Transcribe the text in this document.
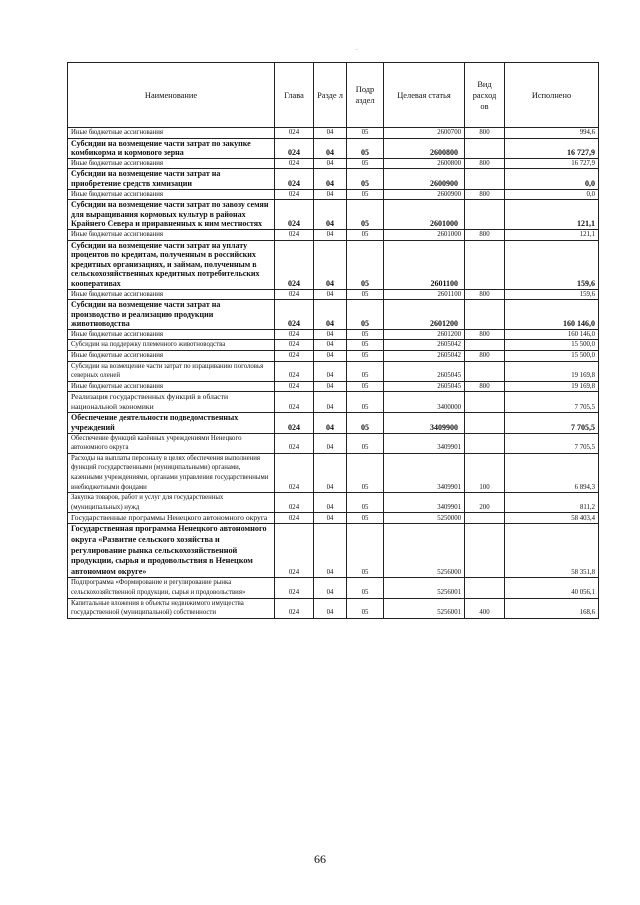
.
Наименование	Глава	Разде л	Подр аздел	Целевая статья	Вид расход ов	Исполнено
Иные бюджетные ассигнования	024	04	05	2600700	800	994,6
Субсидии на возмещение части затрат по закупке комбикорма и кормового зерна	024	04	05	2600800		16 727,9
Иные бюджетные ассигнования	024	04	05	2600800	800	16 727,9
Субсидии на возмещение части затрат на приобретение средств химизации	024	04	05	2600900		0,0
Иные бюджетные ассигнования	024	04	05	2600900	800	0,0
Субсидии на возмещение части затрат по завозу семян для выращивания кормовых культур в районах Крайнего Севера и приравненных к ним местностях	024	04	05	2601000		121,1
Иные бюджетные ассигнования	024	04	05	2601000	800	121,1
Субсидии на возмещение части затрат на уплату процентов по кредитам, полученным в российских кредитных организациях, и займам, полученным в сельскохозяйственных кредитных потребительских кооперативах	024	04	05	2601100		159,6
Иные бюджетные ассигнования	024	04	05	2601100	800	159,6
Субсидии на возмещение части затрат на производство и реализацию продукции животноводства	024	04	05	2601200		160 146,0
Иные бюджетные ассигнования	024	04	05	2601200	800	160 146,0
Субсидии на поддержку племенного животноводства	024	04	05	2605042		15 500,0
Иные бюджетные ассигнования	024	04	05	2605042	800	15 500,0
Субсидии на возмещение части затрат по изращиванию поголовья северных оленей	024	04	05	2605045		19 169,8
Иные бюджетные ассигнования	024	04	05	2605045	800	19 169,8
Реализация государственных функций в области национальной экономики	024	04	05	3400000		7 705,5
Обеспечение деятельности подведомственных учреждений	024	04	05	3409900		7 705,5
Обеспечение функций казённых учреждениями Ненецкого автономного округа	024	04	05	3409901		7 705,5
Расходы на выплаты персоналу в целях обеспечения выполнения функций государственными (муниципальными) органами, казенными учреждениями, органами управления государственными внебюджетными фондами	024	04	05	3409901	100	6 894,3
Закупка товаров, работ и услуг для государственных (муниципальных) нужд	024	04	05	3409901	200	811,2
Государственные программы Ненецкого автономного округа	024	04	05	5250000		58 403,4
Государственная программа Ненецкого автономного округа «Развитие сельского хозяйства и регулирование рынка сельскохозяйственной продукции, сырья и продовольствия в Ненецком автономном округе»	024	04	05	5256000		58 351,8
Подпрограмма «Формирование и регулирование рынка сельскохозяйственной продукции, сырья и продовольствия»	024	04	05	5256001		40 056,1
Капитальные вложения в объекты недвижимого имущества государственной (муниципальной) собственности	024	04	05	5256001	400	168,6
66
